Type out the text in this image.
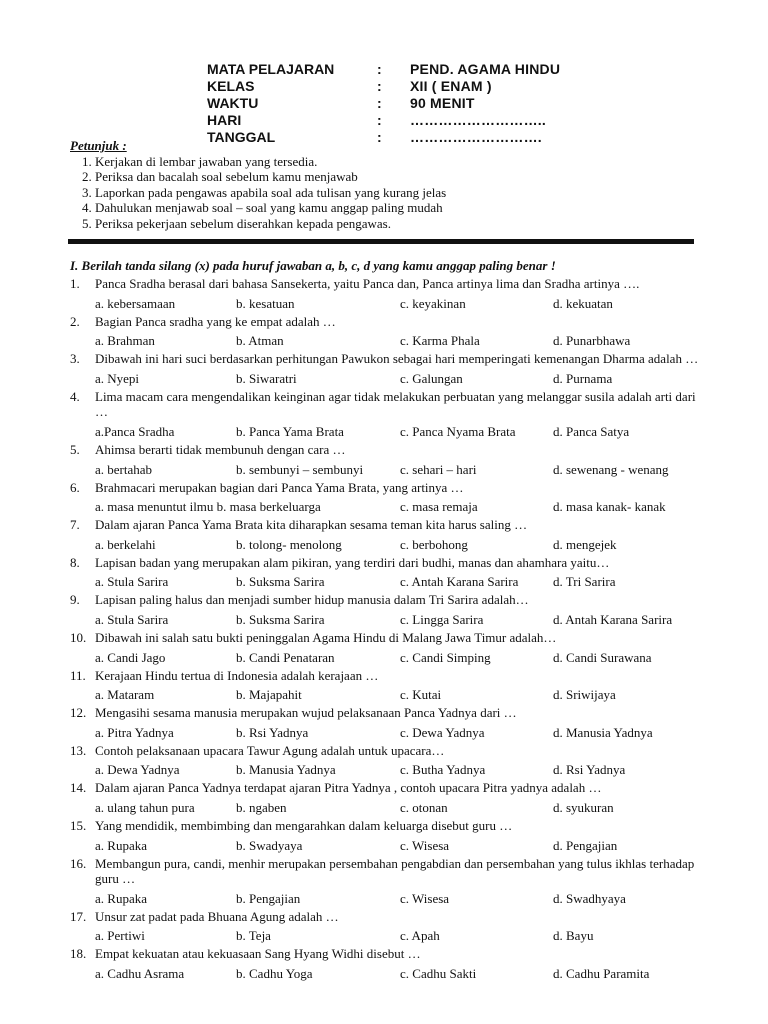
MATA PELAJARAN	:	PEND. AGAMA HINDU
KELAS	:	XII ( ENAM )
WAKTU	:	90 MENIT
HARI	:	………………………..
TANGGAL	:	……………………….
Petunjuk :
1. Kerjakan di lembar jawaban yang tersedia.
2. Periksa dan bacalah soal sebelum kamu menjawab
3. Laporkan pada pengawas apabila soal ada tulisan yang kurang jelas
4. Dahulukan menjawab soal – soal yang kamu anggap paling mudah
5. Periksa pekerjaan sebelum diserahkan kepada pengawas.
I. Berilah tanda silang (x) pada huruf jawaban a, b, c, d yang kamu anggap paling benar !
1. Panca Sradha berasal dari bahasa Sansekerta, yaitu Panca dan, Panca artinya lima dan Sradha artinya ….

a. kebersamaan	b. kesatuan	c. keyakinan	d. kekuatan
2. Bagian Panca sradha yang ke empat adalah …

a. Brahman	b. Atman	c. Karma Phala	d. Punarbhawa
3. Dibawah ini hari suci berdasarkan perhitungan Pawukon sebagai hari memperingati kemenangan Dharma adalah …

a. Nyepi	b. Siwaratri	c. Galungan	d. Purnama
4. Lima macam cara mengendalikan keinginan agar tidak melakukan perbuatan yang melanggar susila adalah arti dari …

a.Panca Sradha	b. Panca Yama Brata	c. Panca Nyama Brata	d. Panca Satya
5. Ahimsa berarti tidak membunuh dengan cara …

a. bertahab	b. sembunyi – sembunyi	c. sehari – hari	d. sewenang - wenang
6. Brahmacari merupakan bagian dari Panca Yama Brata, yang artinya …

a. masa menuntut ilmu b. masa berkeluarga	c. masa remaja	d. masa kanak- kanak
7. Dalam ajaran Panca Yama Brata kita diharapkan sesama teman kita harus saling …

a. berkelahi	b. tolong- menolong	c. berbohong	d. mengejek
8. Lapisan badan yang merupakan alam pikiran, yang terdiri dari budhi, manas dan ahamhara yaitu…

a. Stula Sarira	b. Suksma Sarira	c. Antah Karana Sarira	d. Tri Sarira
9. Lapisan paling halus dan menjadi sumber hidup manusia dalam Tri Sarira adalah…

a. Stula Sarira	b. Suksma Sarira	c. Lingga Sarira	d. Antah Karana Sarira
10. Dibawah ini salah satu bukti peninggalan Agama Hindu di Malang Jawa Timur adalah…

a. Candi Jago	b. Candi Penataran	c. Candi Simping	d. Candi Surawana
11. Kerajaan Hindu tertua di Indonesia adalah kerajaan …

a. Mataram	b. Majapahit	c. Kutai	d. Sriwijaya
12. Mengasihi sesama manusia merupakan wujud pelaksanaan Panca Yadnya dari …

a. Pitra Yadnya	b. Rsi Yadnya	c. Dewa Yadnya	d. Manusia Yadnya
13. Contoh pelaksanaan upacara Tawur Agung adalah untuk upacara…

a. Dewa Yadnya	b. Manusia Yadnya	c. Butha Yadnya	d. Rsi Yadnya
14. Dalam ajaran Panca Yadnya terdapat ajaran Pitra Yadnya , contoh upacara Pitra yadnya adalah …

a. ulang tahun pura	b. ngaben	c. otonan	d. syukuran
15. Yang mendidik, membimbing dan mengarahkan dalam keluarga disebut guru …

a. Rupaka	b. Swadyaya	c. Wisesa	d. Pengajian
16. Membangun pura, candi, menhir merupakan persembahan pengabdian dan persembahan yang tulus ikhlas terhadap guru …

a. Rupaka	b. Pengajian	c. Wisesa	d. Swadhyaya
17. Unsur zat padat pada Bhuana Agung adalah …

a. Pertiwi	b. Teja	c. Apah	d. Bayu
18. Empat kekuatan atau kekuasaan Sang Hyang Widhi disebut …

a. Cadhu Asrama	b. Cadhu Yoga	c. Cadhu Sakti	d. Cadhu Paramita
